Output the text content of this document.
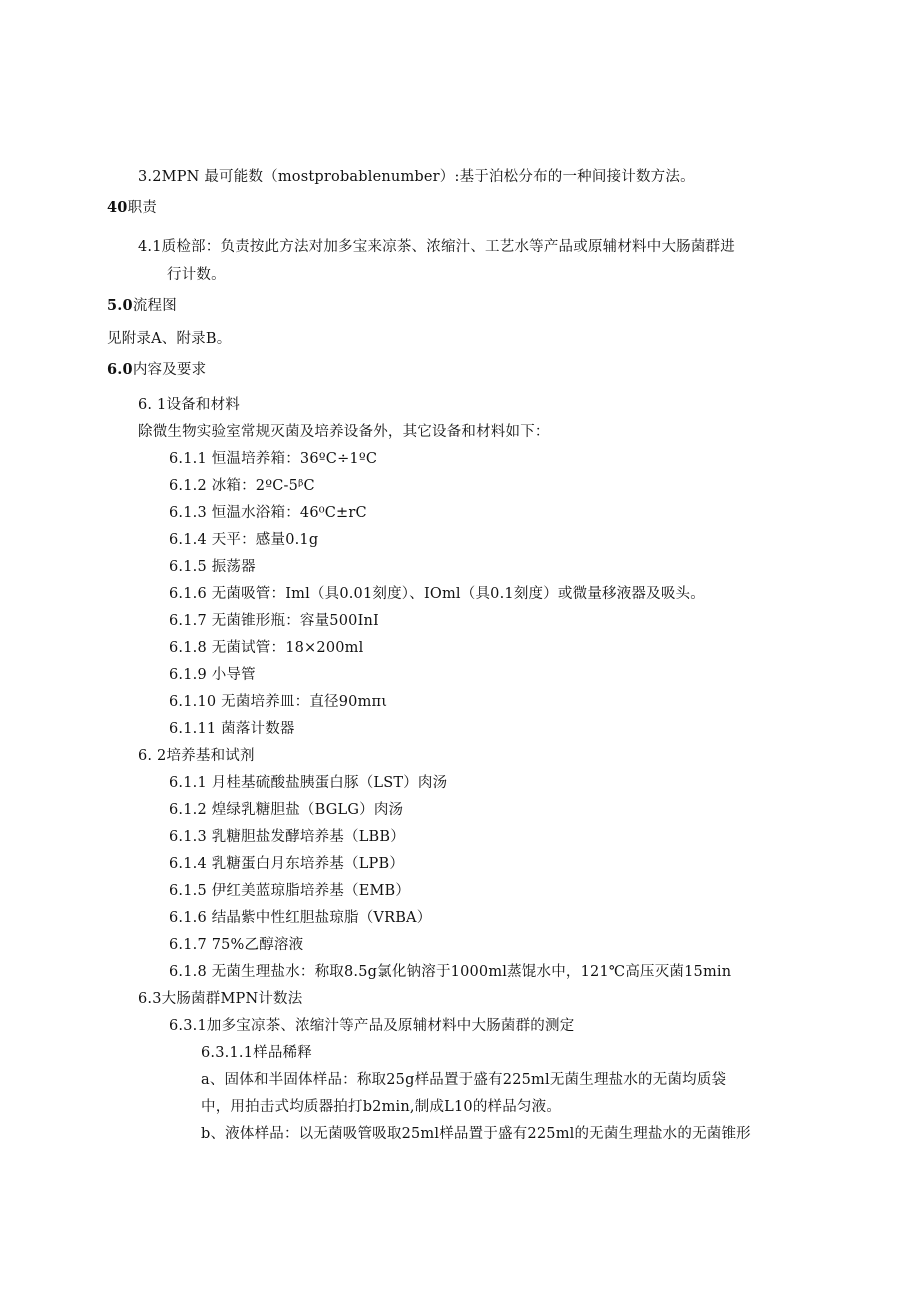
3.2MPN 最可能数（mostprobablenumber）:基于泊松分布的一种间接计数方法。
40职责
4.1质检部：负责按此方法对加多宝来凉茶、浓缩汁、工艺水等产品或原辅材料中大肠菌群进
行计数。
5.0流程图
见附录A、附录B。
6.0内容及要求
6. 1设备和材料
除微生物实验室常规灭菌及培养设备外，其它设备和材料如下：
6.1.1 恒温培养箱：36ºC÷1ºC
6.1.2 冰箱：2ºC-5ᵝC
6.1.3 恒温水浴箱：46⁰C±rC
6.1.4 天平：感量0.1g
6.1.5 振荡器
6.1.6 无菌吸管：Iml（具0.01刻度）、IOml（具0.1刻度）或微量移液器及吸头。
6.1.7 无菌锥形瓶：容量500InI
6.1.8 无菌试管：18×200ml
6.1.9 小导管
6.1.10 无菌培养皿：直径90mπι
6.1.11 菌落计数器
6. 2培养基和试剂
6.1.1 月桂基硫酸盐胰蛋白豚（LST）肉汤
6.1.2 煌绿乳糖胆盐（BGLG）肉汤
6.1.3 乳糖胆盐发酵培养基（LBB）
6.1.4 乳糖蛋白月东培养基（LPB）
6.1.5 伊红美蓝琼脂培养基（EMB）
6.1.6 结晶紫中性红胆盐琼脂（VRBA）
6.1.7 75%乙醇溶液
6.1.8 无菌生理盐水：称取8.5g氯化钠溶于1000ml蒸馄水中，121℃高压灭菌15min
6.3大肠菌群MPN计数法
6.3.1加多宝凉茶、浓缩汁等产品及原辅材料中大肠菌群的测定
6.3.1.1样品稀释
a、固体和半固体样品：称取25g样品置于盛有225ml无菌生理盐水的无菌均质袋
中，用拍击式均质器拍打b2min,制成L10的样品匀液。
b、液体样品：以无菌吸管吸取25ml样品置于盛有225ml的无菌生理盐水的无菌锥形
